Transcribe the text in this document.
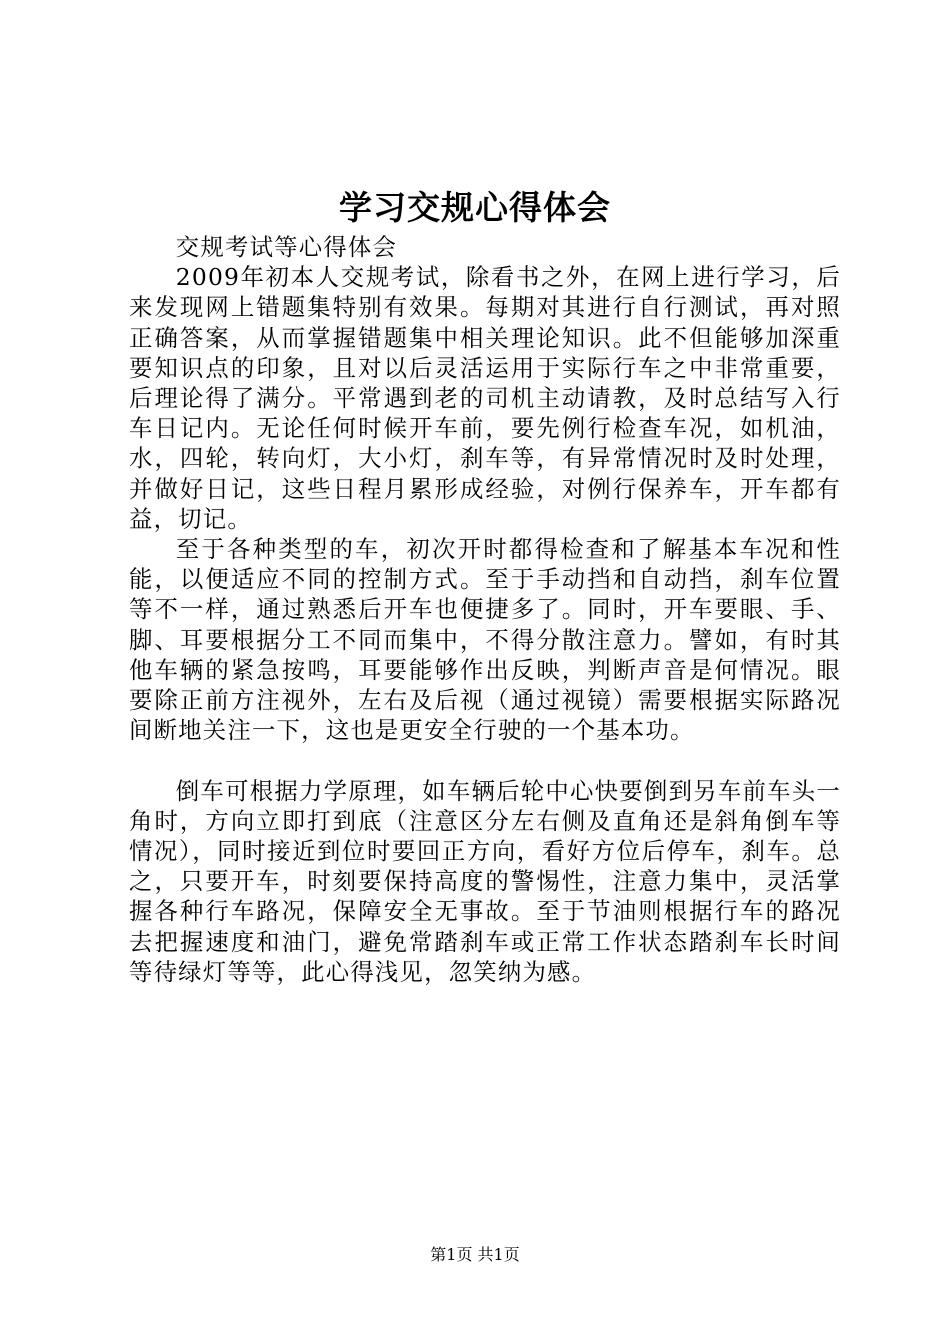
学习交规心得体会

交规考试等心得体会

2009年初本人交规考试，除看书之外，在网上进行学习，后来发现网上错题集特别有效果。每期对其进行自行测试，再对照正确答案，从而掌握错题集中相关理论知识。此不但能够加深重要知识点的印象，且对以后灵活运用于实际行车之中非常重要，后理论得了满分。平常遇到老的司机主动请教，及时总结写入行车日记内。无论任何时候开车前，要先例行检查车况，如机油，水，四轮，转向灯，大小灯，刹车等，有异常情况时及时处理，并做好日记，这些日程月累形成经验，对例行保养车，开车都有益，切记。

至于各种类型的车，初次开时都得检查和了解基本车况和性能，以便适应不同的控制方式。至于手动挡和自动挡，刹车位置等不一样，通过熟悉后开车也便捷多了。同时，开车要眼、手、脚、耳要根据分工不同而集中，不得分散注意力。譬如，有时其他车辆的紧急按鸣，耳要能够作出反映，判断声音是何情况。眼要除正前方注视外，左右及后视（通过视镜）需要根据实际路况间断地关注一下，这也是更安全行驶的一个基本功。

倒车可根据力学原理，如车辆后轮中心快要倒到另车前车头一角时，方向立即打到底（注意区分左右侧及直角还是斜角倒车等情况），同时接近到位时要回正方向，看好方位后停车，刹车。总之，只要开车，时刻要保持高度的警惕性，注意力集中，灵活掌握各种行车路况，保障安全无事故。至于节油则根据行车的路况去把握速度和油门，避免常踏刹车或正常工作状态踏刹车长时间等待绿灯等等，此心得浅见，忽笑纳为感。

第1页 共1页
